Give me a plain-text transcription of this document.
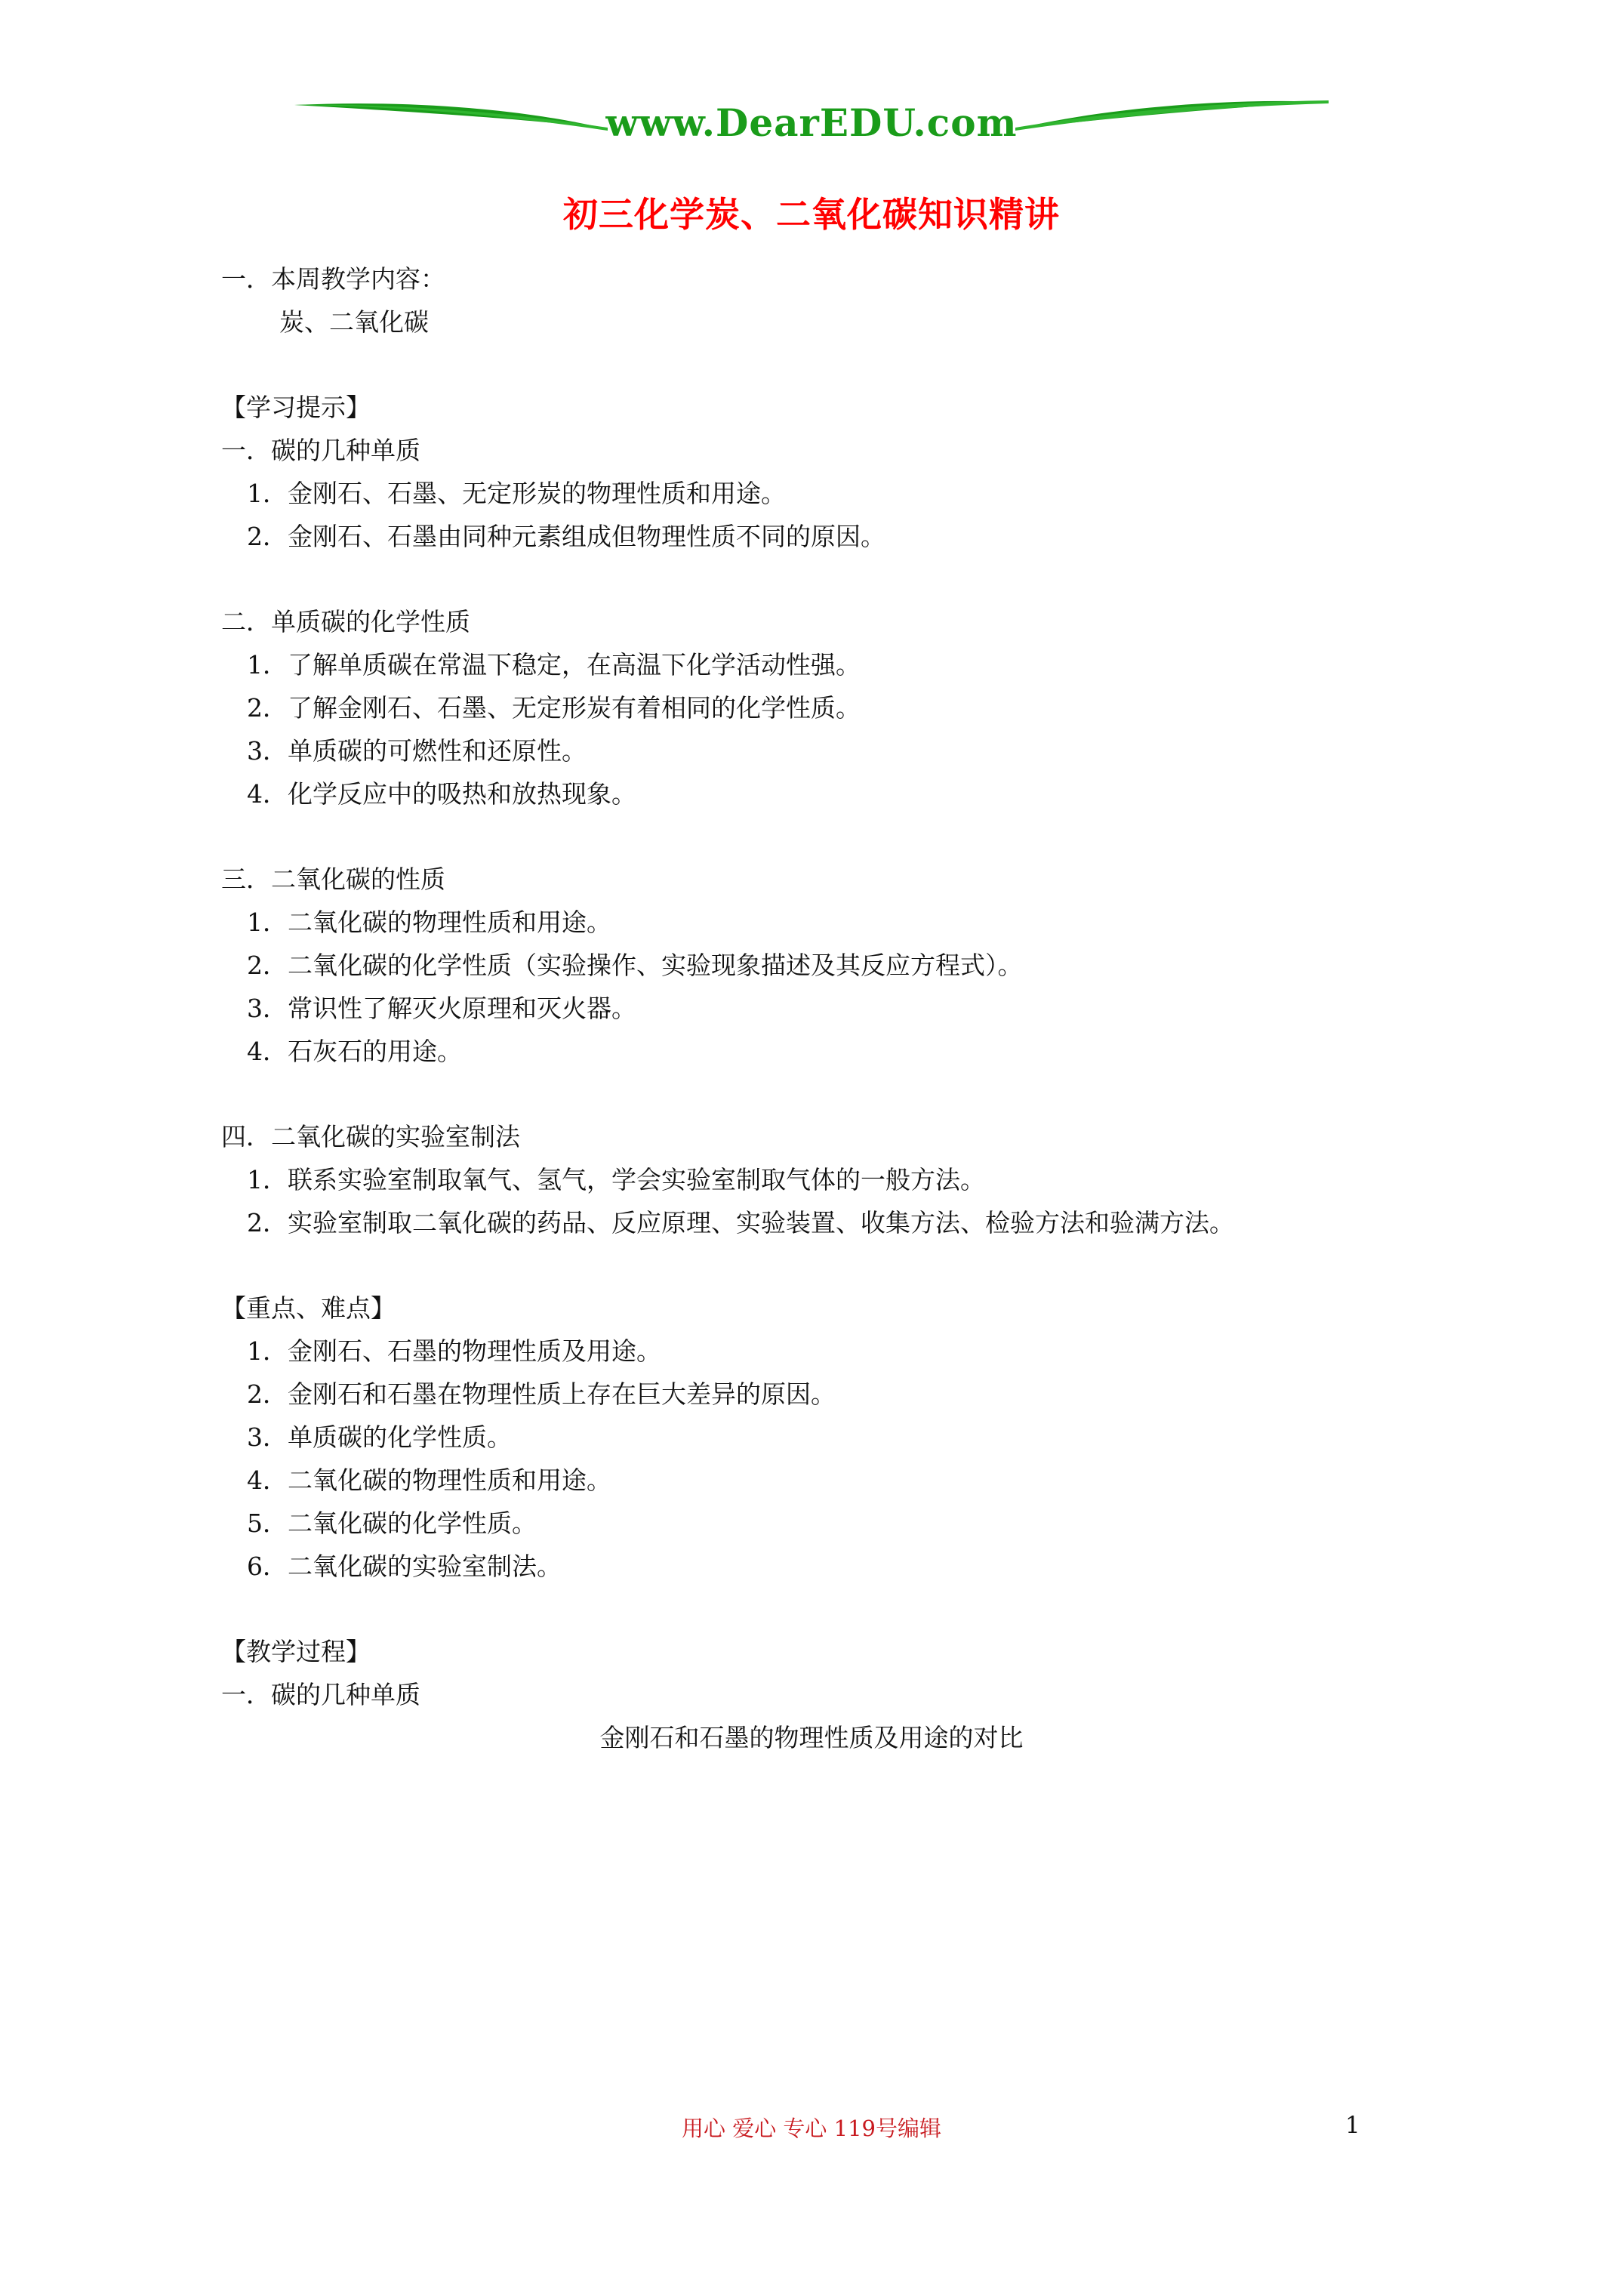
www.DearEDU.com
初三化学炭、二氧化碳知识精讲
一．本周教学内容：
炭、二氧化碳
【学习提示】
一．碳的几种单质
1．金刚石、石墨、无定形炭的物理性质和用途。
2．金刚石、石墨由同种元素组成但物理性质不同的原因。
二．单质碳的化学性质
1．了解单质碳在常温下稳定，在高温下化学活动性强。
2．了解金刚石、石墨、无定形炭有着相同的化学性质。
3．单质碳的可燃性和还原性。
4．化学反应中的吸热和放热现象。
三．二氧化碳的性质
1．二氧化碳的物理性质和用途。
2．二氧化碳的化学性质（实验操作、实验现象描述及其反应方程式）。
3．常识性了解灭火原理和灭火器。
4．石灰石的用途。
四．二氧化碳的实验室制法
1．联系实验室制取氧气、氢气，学会实验室制取气体的一般方法。
2．实验室制取二氧化碳的药品、反应原理、实验装置、收集方法、检验方法和验满方法。
【重点、难点】
1．金刚石、石墨的物理性质及用途。
2．金刚石和石墨在物理性质上存在巨大差异的原因。
3．单质碳的化学性质。
4．二氧化碳的物理性质和用途。
5．二氧化碳的化学性质。
6．二氧化碳的实验室制法。
【教学过程】
一．碳的几种单质
金刚石和石墨的物理性质及用途的对比
用心 爱心 专心 119号编辑	1
